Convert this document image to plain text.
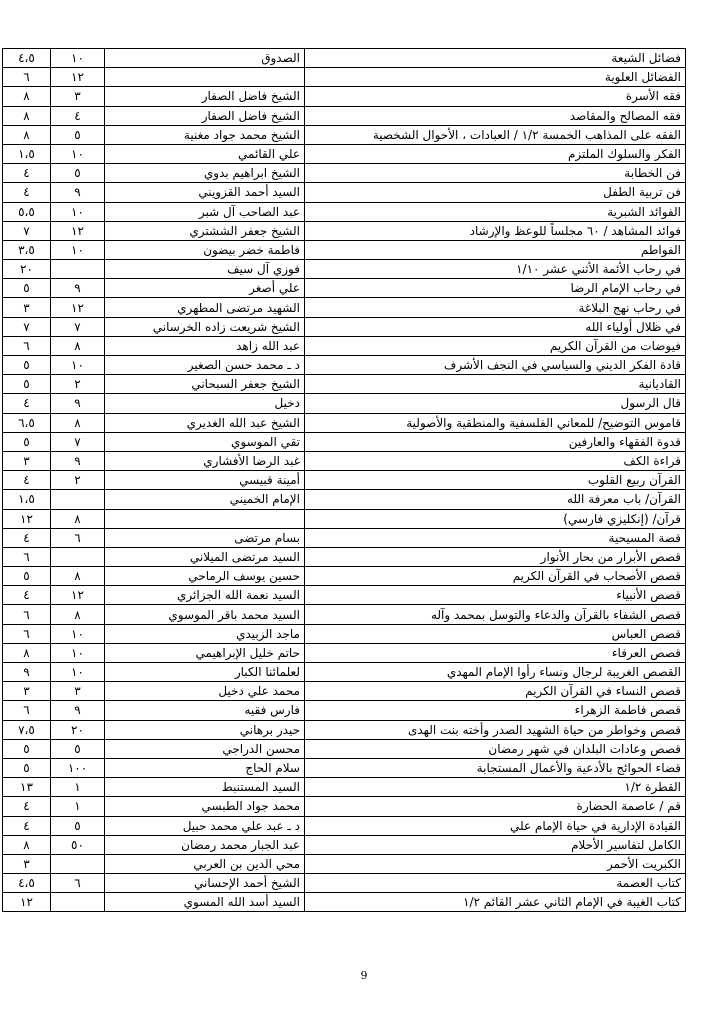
٤،٥	١٠	الصدوق	فضائل الشيعة
٦	١٢		الفضائل العلوية
٨	٣	الشيخ فاضل الصفار	فقه الأسرة
٨	٤	الشيخ فاضل الصفار	فقه المصالح والمقاصد
٨	٥	الشيخ محمد جواد مغنية	الفقه على المذاهب الخمسة ١/٢ / العبادات ، الأحوال الشخصية
١،٥	١٠	علي القائمي	الفكر والسلوك الملتزم
٤	٥	الشيخ ابراهيم بدوي	فن الخطابة
٤	٩	السيد أحمد القزويني	فن تربية الطفل
٥،٥	١٠	عبد الصاحب آل شبر	الفوائد الشبرية
٧	١٢	الشيخ جعفر الششتري	فوائد المشاهد / ٦٠ مجلساً للوعظ والإرشاد
٣،٥	١٠	فاطمة خضر بيضون	الفواطم
٢٠		فوزي آل سيف	في رحاب الأئمة الأثني عشر ١/١٠
٥	٩	علي أصغر	في رحاب الإمام الرضا
٣	١٢	الشهيد مرتضى المطهري	في رحاب نهج البلاغة
٧	٧	الشيخ شريعت زاده الخرساني	في ظلال أولياء الله
٦	٨	عبد الله زاهد	فيوضات من القرآن الكريم
٥	١٠	د ـ محمد حسن الصغير	قادة الفكر الديني والسياسي في النجف الأشرف
٥	٢	الشيخ جعفر السبحاني	القاديانية
٤	٩	دخيل	قال الرسول
٦،٥	٨	الشيخ عبد الله الغديري	قاموس التوضيح/ للمعاني الفلسفية والمنطقية والأصولية
٥	٧	تقي الموسوي	قدوة الفقهاء والعارفين
٣	٩	غبد الرضا الأفشاري	قراءة الكف
٤	٢	أمينة قبيسي	القرآن ربيع القلوب
١،٥		الإمام الخميني	القرآن/ باب معرفة الله
١٢	٨		قرآن/ (إنكليزي فارسي)
٤	٦	بسام مرتضى	قصة المسيحية
٦		السيد مرتضى الميلاني	قصص الأبرار من بحار الأنوار
٥	٨	حسين يوسف الرماحي	قصص الأصحاب في القرآن الكريم
٤	١٢	السيد نعمة الله الجزائري	قصص الأنبياء
٦	٨	السيد محمد باقر الموسوي	قصص الشفاء بالقرآن والدعاء والتوسل بمحمد وآله
٦	١٠	ماجد الزبيدي	قصص العباس
٨	١٠	حاتم خليل الإبراهيمي	قصص العرفاء
٩	١٠	لعلمائنا الكبار	القصص الغريبة لرجال ونساء رأوا الإمام المهدي
٣	٣	محمد علي دخيل	قصص النساء في القرآن الكريم
٦	٩	فارس فقيه	قصص فاطمة الزهراء
٧،٥	٢٠	حيدر برهاني	قصص وخواطر من حياة الشهيد الصدر وأخته بنت الهدى
٥	٥	محسن الدراجي	قصص وعادات البلدان في شهر رمضان
٥	١٠٠	سلام الحاج	قضاء الحوائج بالأدعية والأعمال المستجابة
١٣	١	السيد المستنبط	القطرة ١/٢
٤	١	محمد جواد الطبسي	قم / عاصمة الحضارة
٤	٥	د ـ عبد علي محمد حبيل	القيادة الإدارية في حياة الإمام علي
٨	٥٠	عبد الجبار محمد رمضان	الكامل لتفاسير الأحلام
٣		محي الدين بن العربي	الكبريت الأحمر
٤،٥	٦	الشيخ أحمد الإحساني	كتاب العصمة
١٢		السيد أسد الله المسوي	كتاب الغيبة في الإمام الثاني عشر القائم ١/٢
9
